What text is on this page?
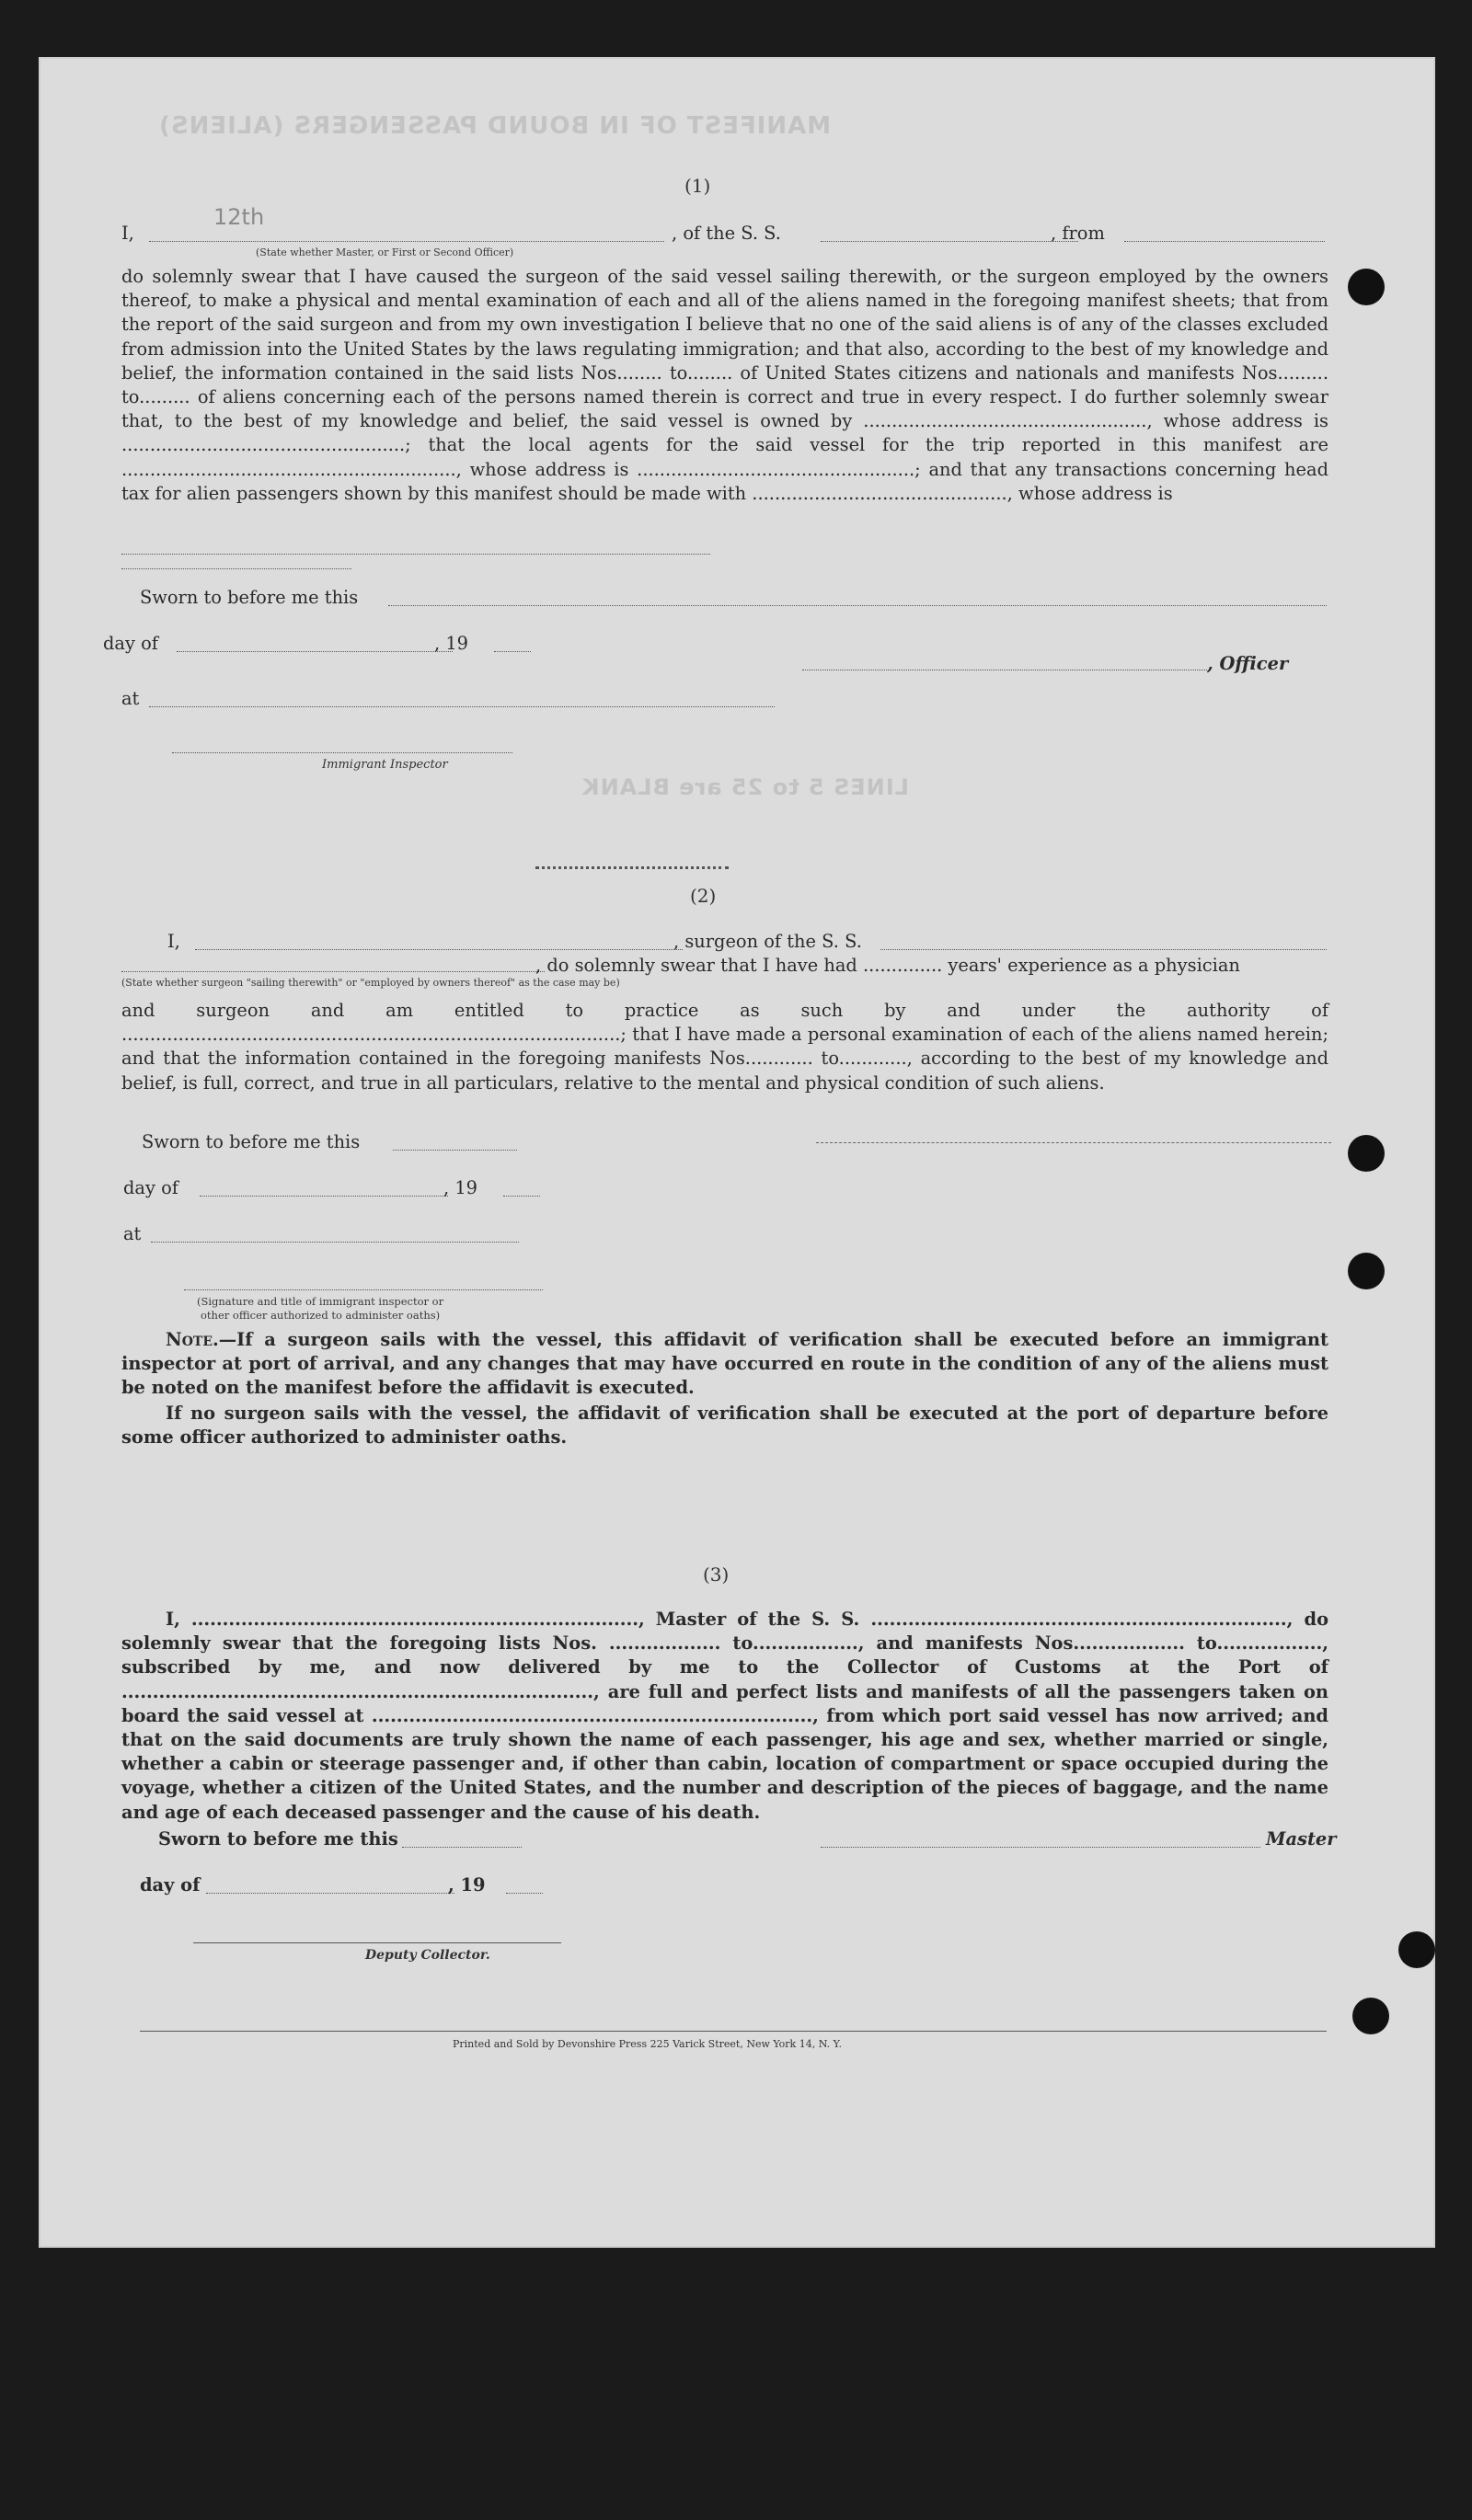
MANIFEST OF IN BOUND PASSENGERS (ALIENS)
LINES 5 to 25 are BLANK
12th
(1)
I,	, of the S. S.	, from
(State whether Master, or First or Second Officer)
do solemnly swear that I have caused the surgeon of the said vessel sailing therewith, or the surgeon employed by the owners thereof, to make a physical and mental examination of each and all of the aliens named in the foregoing manifest sheets; that from the report of the said surgeon and from my own investigation I believe that no one of the said aliens is of any of the classes excluded from admission into the United States by the laws regulating immigration; and that also, according to the best of my knowledge and belief, the information contained in the said lists Nos........ to........ of United States citizens and nationals and manifests Nos......... to......... of aliens concerning each of the persons named therein is correct and true in every respect. I do further solemnly swear that, to the best of my knowledge and belief, the said vessel is owned by .................................................., whose address is ..................................................; that the local agents for the said vessel for the trip reported in this manifest are ..........................................................., whose address is .................................................; and that any transactions concerning head tax for alien passengers shown by this manifest should be made with ............................................., whose address is
Sworn to before me this
day of	, 19
, Officer
at
Immigrant Inspector
(2)
I,	, surgeon of the S. S.
, do solemnly swear that I have had .............. years' experience as a physician
(State whether surgeon "sailing therewith" or "employed by owners thereof" as the case may be)
and surgeon and am entitled to practice as such by and under the authority of ........................................................................................; that I have made a personal examination of each of the aliens named herein; and that the information contained in the foregoing manifests Nos............ to............, according to the best of my knowledge and belief, is full, correct, and true in all particulars, relative to the mental and physical condition of such aliens.
Sworn to before me this
day of	, 19
at
(Signature and title of immigrant inspector or
other officer authorized to administer oaths)
Note.—If a surgeon sails with the vessel, this affidavit of verification shall be executed before an immigrant inspector at port of arrival, and any changes that may have occurred en route in the condition of any of the aliens must be noted on the manifest before the affidavit is executed.
If no surgeon sails with the vessel, the affidavit of verification shall be executed at the port of departure before some officer authorized to administer oaths.
(3)
I, ........................................................................, Master of the S. S. ..................................................................., do solemnly swear that the foregoing lists Nos. .................. to................., and manifests Nos.................. to................., subscribed by me, and now delivered by me to the Collector of Customs at the Port of ............................................................................, are full and perfect lists and manifests of all the passengers taken on board the said vessel at ......................................................................., from which port said vessel has now arrived; and that on the said documents are truly shown the name of each passenger, his age and sex, whether married or single, whether a cabin or steerage passenger and, if other than cabin, location of compartment or space occupied during the voyage, whether a citizen of the United States, and the number and description of the pieces of baggage, and the name and age of each deceased passenger and the cause of his death.
Sworn to before me this	Master
day of	, 19
Deputy Collector.
Printed and Sold by Devonshire Press 225 Varick Street, New York 14, N. Y.
